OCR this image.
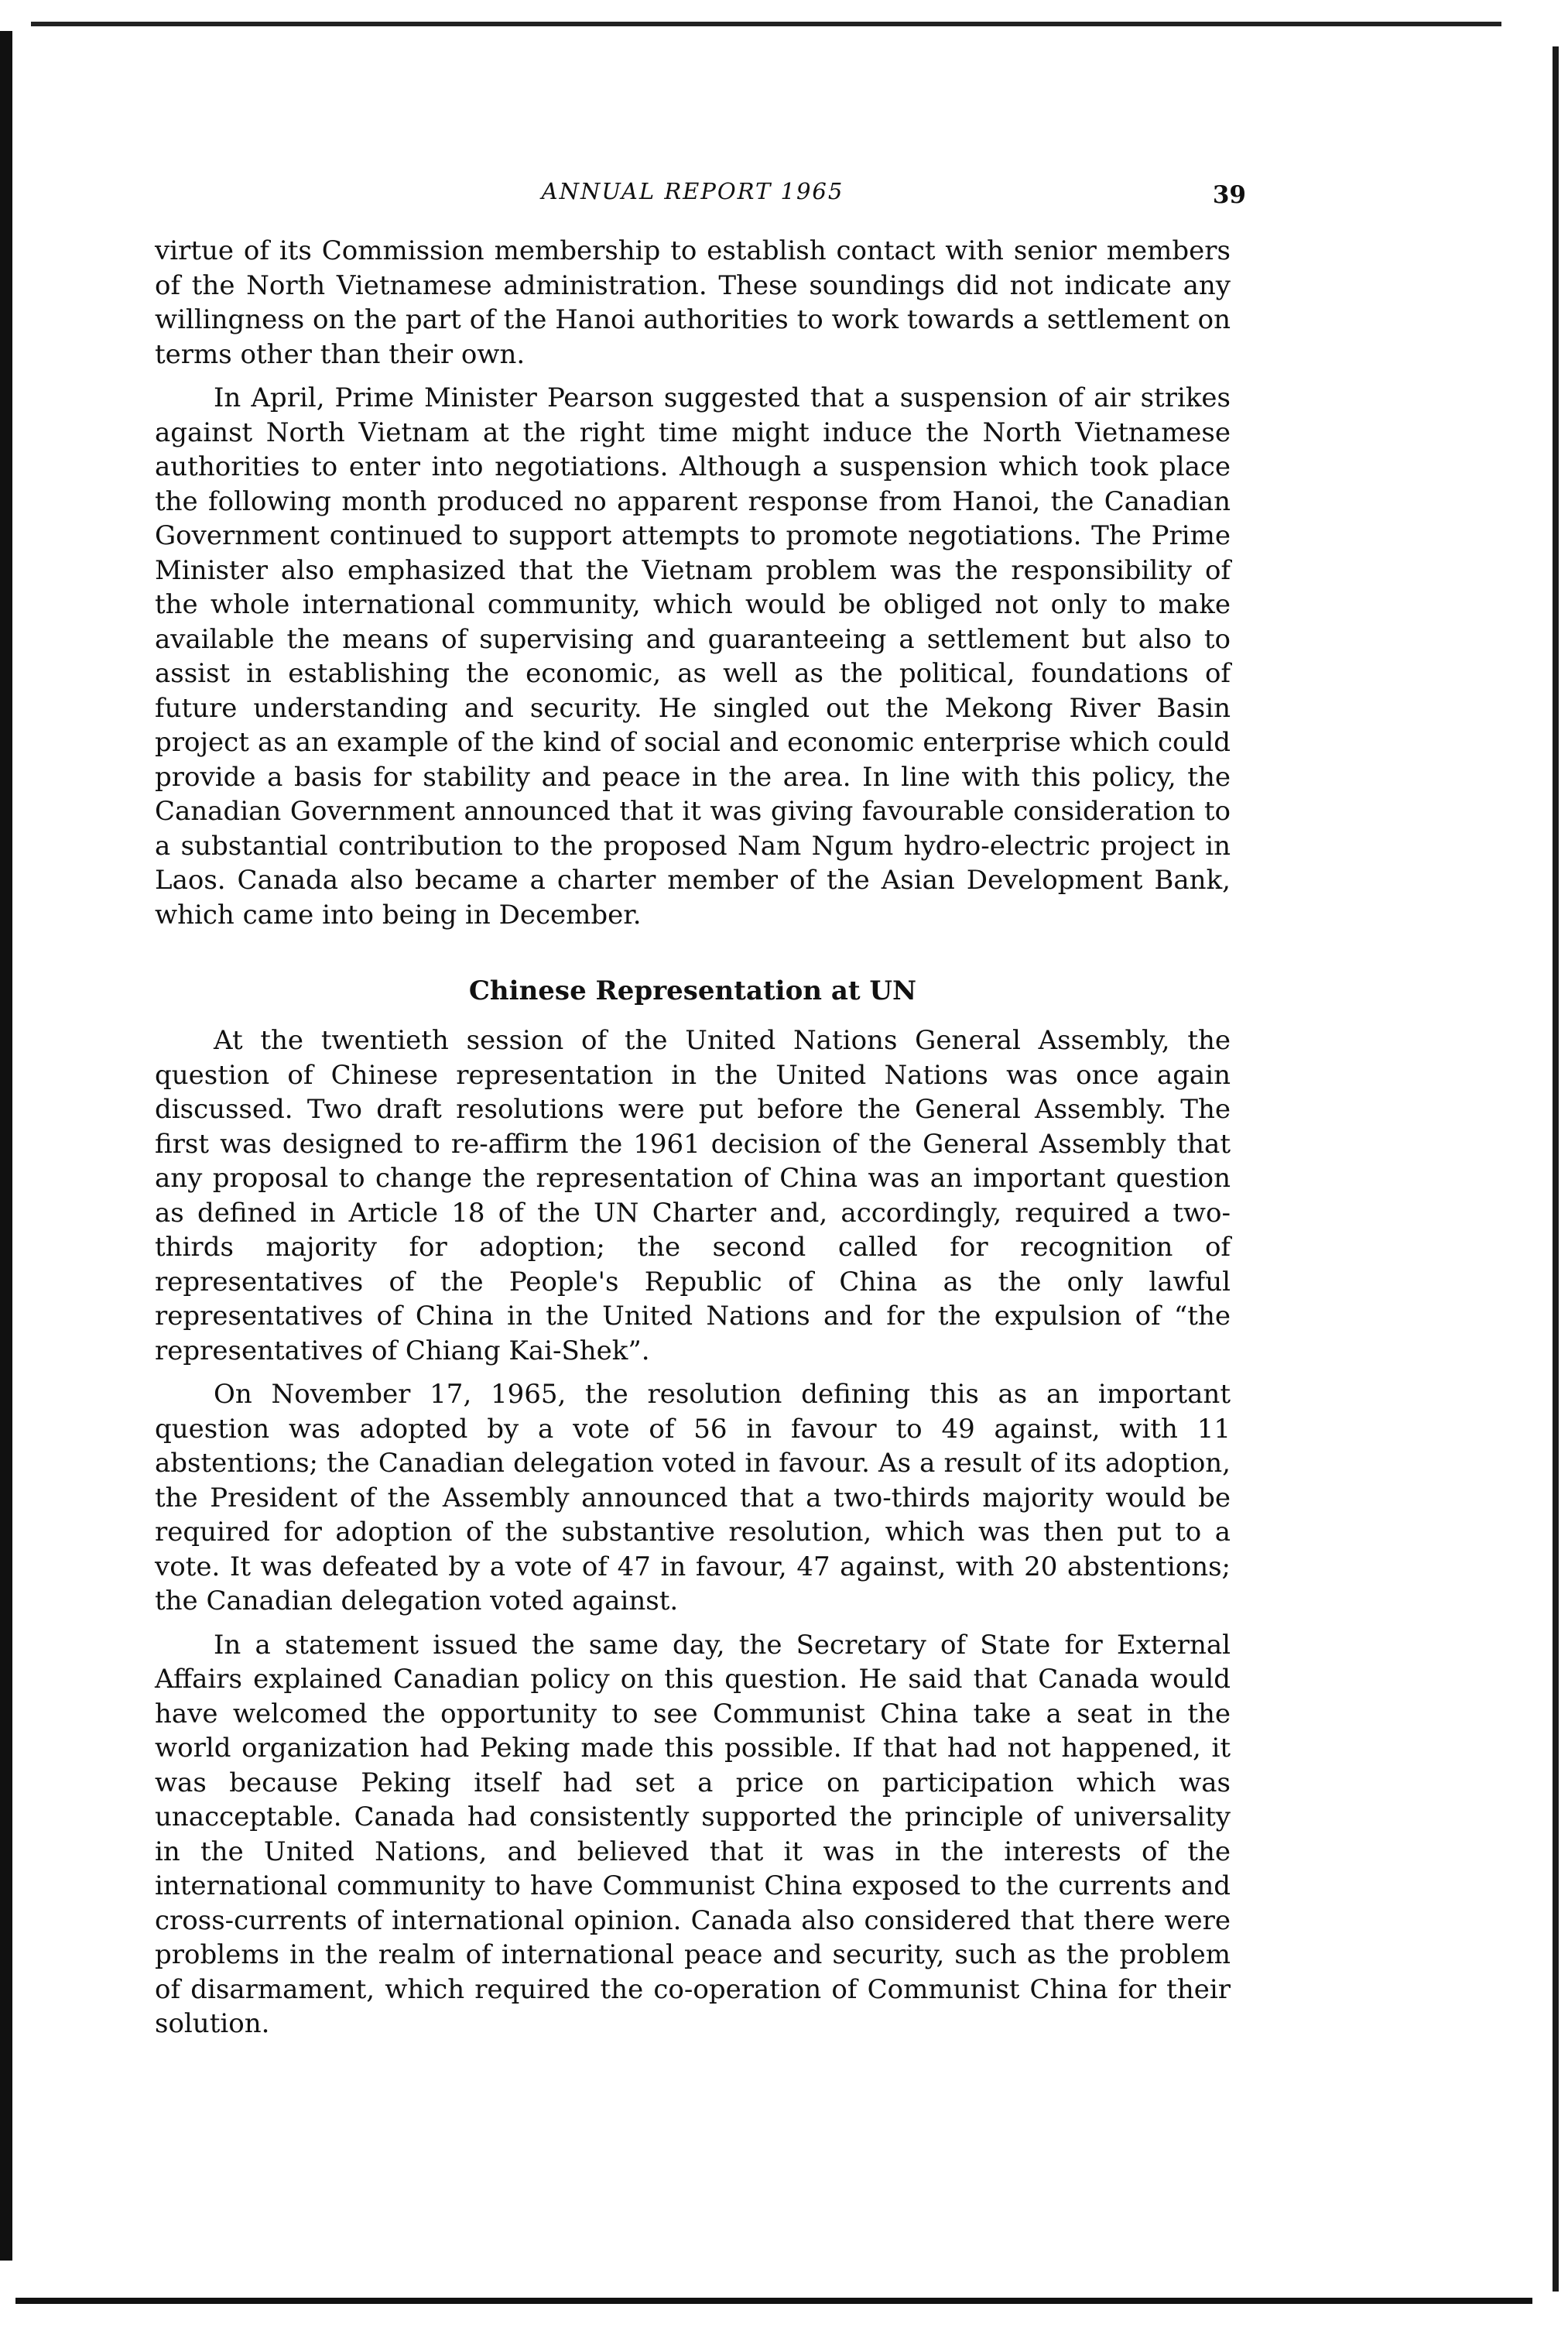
ANNUAL REPORT 1965	39

virtue of its Commission membership to establish contact with senior members of the North Vietnamese administration. These soundings did not indicate any willingness on the part of the Hanoi authorities to work towards a settlement on terms other than their own.

In April, Prime Minister Pearson suggested that a suspension of air strikes against North Vietnam at the right time might induce the North Vietnamese authorities to enter into negotiations. Although a suspension which took place the following month produced no apparent response from Hanoi, the Canadian Government continued to support attempts to promote negotiations. The Prime Minister also emphasized that the Vietnam problem was the responsibility of the whole international community, which would be obliged not only to make available the means of supervising and guaranteeing a settlement but also to assist in establishing the economic, as well as the political, foundations of future understanding and security. He singled out the Mekong River Basin project as an example of the kind of social and economic enterprise which could provide a basis for stability and peace in the area. In line with this policy, the Canadian Government announced that it was giving favourable consideration to a substantial contribution to the proposed Nam Ngum hydro-electric project in Laos. Canada also became a charter member of the Asian Development Bank, which came into being in December.

Chinese Representation at UN

At the twentieth session of the United Nations General Assembly, the question of Chinese representation in the United Nations was once again discussed. Two draft resolutions were put before the General Assembly. The first was designed to re-affirm the 1961 decision of the General Assembly that any proposal to change the representation of China was an important question as defined in Article 18 of the UN Charter and, accordingly, required a two-thirds majority for adoption; the second called for recognition of representatives of the People's Republic of China as the only lawful representatives of China in the United Nations and for the expulsion of “the representatives of Chiang Kai-Shek”.

On November 17, 1965, the resolution defining this as an important question was adopted by a vote of 56 in favour to 49 against, with 11 abstentions; the Canadian delegation voted in favour. As a result of its adoption, the President of the Assembly announced that a two-thirds majority would be required for adoption of the substantive resolution, which was then put to a vote. It was defeated by a vote of 47 in favour, 47 against, with 20 abstentions; the Canadian delegation voted against.

In a statement issued the same day, the Secretary of State for External Affairs explained Canadian policy on this question. He said that Canada would have welcomed the opportunity to see Communist China take a seat in the world organization had Peking made this possible. If that had not happened, it was because Peking itself had set a price on participation which was unacceptable. Canada had consistently supported the principle of universality in the United Nations, and believed that it was in the interests of the international community to have Communist China exposed to the currents and cross-currents of international opinion. Canada also considered that there were problems in the realm of international peace and security, such as the problem of disarmament, which required the co-operation of Communist China for their solution.
